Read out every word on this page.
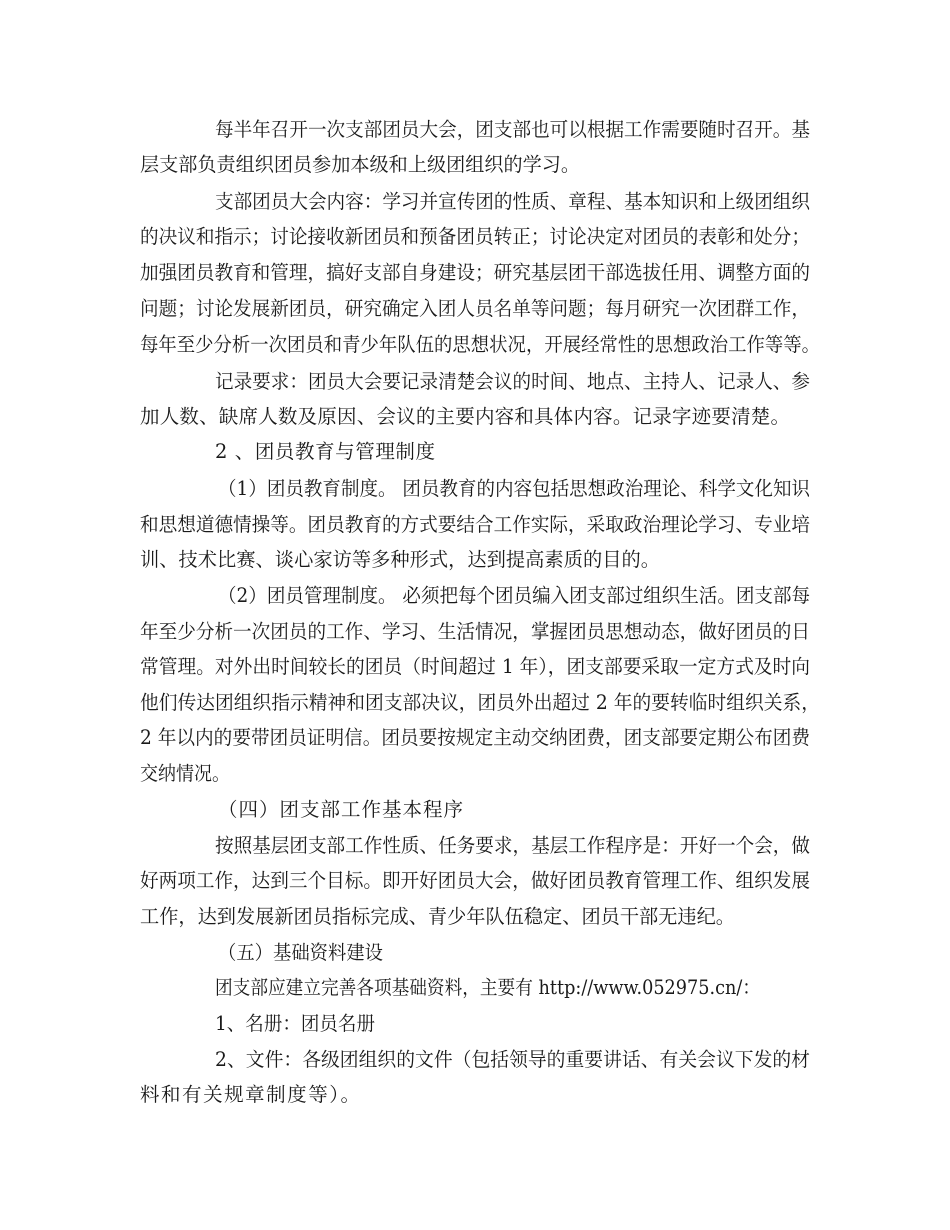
每半年召开一次支部团员大会，团支部也可以根据工作需要随时召开。基
层支部负责组织团员参加本级和上级团组织的学习。
支部团员大会内容：学习并宣传团的性质、章程、基本知识和上级团组织
的决议和指示；讨论接收新团员和预备团员转正；讨论决定对团员的表彰和处分；
加强团员教育和管理，搞好支部自身建设；研究基层团干部选拔任用、调整方面的
问题；讨论发展新团员，研究确定入团人员名单等问题；每月研究一次团群工作，
每年至少分析一次团员和青少年队伍的思想状况，开展经常性的思想政治工作等等。
记录要求：团员大会要记录清楚会议的时间、地点、主持人、记录人、参
加人数、缺席人数及原因、会议的主要内容和具体内容。记录字迹要清楚。
2 、团员教育与管理制度
（1）团员教育制度。 团员教育的内容包括思想政治理论、科学文化知识
和思想道德情操等。团员教育的方式要结合工作实际，采取政治理论学习、专业培
训、技术比赛、谈心家访等多种形式，达到提高素质的目的。
（2）团员管理制度。 必须把每个团员编入团支部过组织生活。团支部每
年至少分析一次团员的工作、学习、生活情况，掌握团员思想动态，做好团员的日
常管理。对外出时间较长的团员（时间超过 1 年），团支部要采取一定方式及时向
他们传达团组织指示精神和团支部决议，团员外出超过 2 年的要转临时组织关系，
2 年以内的要带团员证明信。团员要按规定主动交纳团费，团支部要定期公布团费
交纳情况。
（四）团支部工作基本程序
按照基层团支部工作性质、任务要求，基层工作程序是：开好一个会，做
好两项工作，达到三个目标。即开好团员大会，做好团员教育管理工作、组织发展
工作，达到发展新团员指标完成、青少年队伍稳定、团员干部无违纪。
（五）基础资料建设
团支部应建立完善各项基础资料，主要有 http://www.052975.cn/：
1、名册：团员名册
2、文件：各级团组织的文件（包括领导的重要讲话、有关会议下发的材
料和有关规章制度等）。
